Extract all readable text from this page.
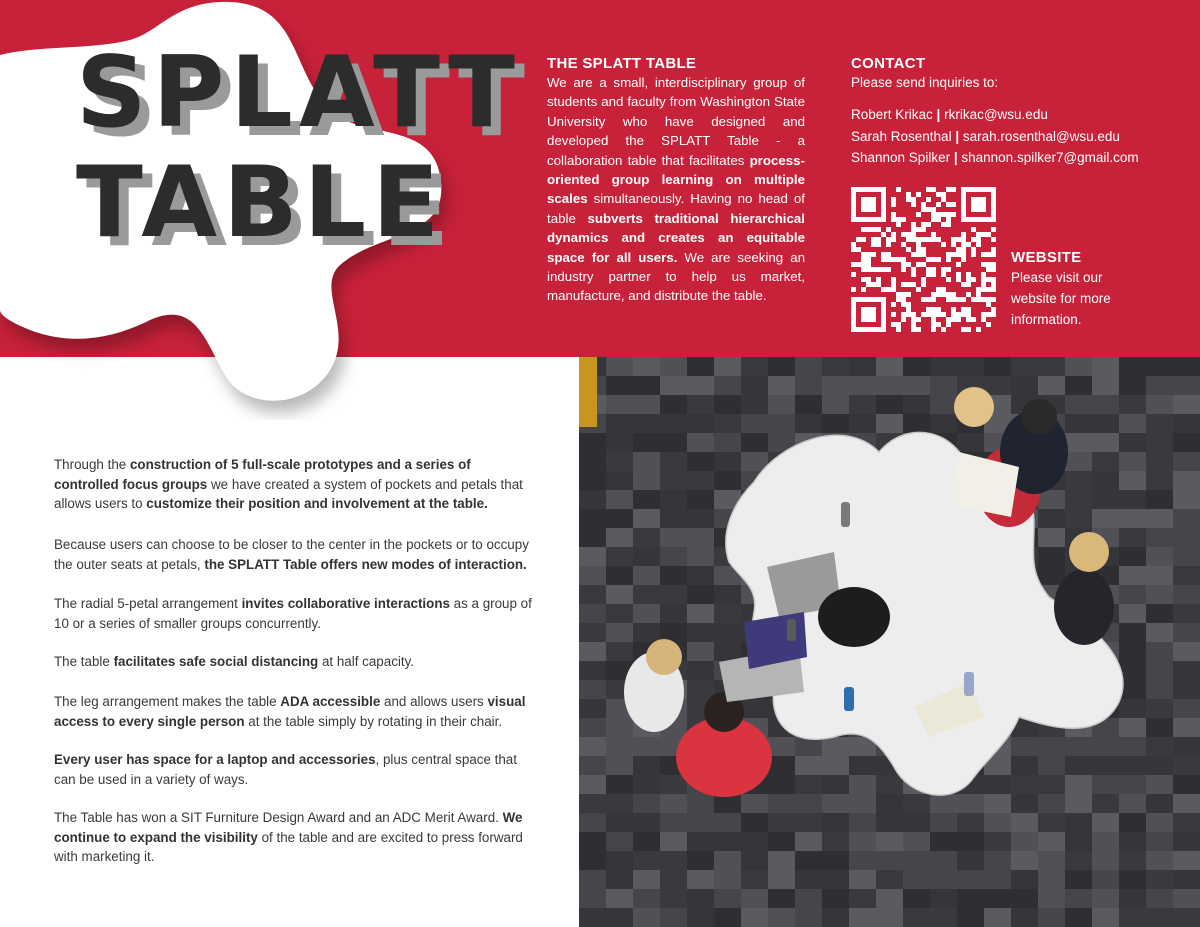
SPLATT
TABLE
THE SPLATT TABLE
We are a small, interdisciplinary group of students and faculty from Washington State University who have designed and developed the SPLATT Table - a collaboration table that facilitates process-oriented group learning on multiple scales simultaneously. Having no head of table subverts traditional hierarchical dynamics and creates an equitable space for all users. We are seeking an industry partner to help us market, manufacture, and distribute the table.
CONTACT
Please send inquiries to:
Robert Krikac | rkrikac@wsu.edu
Sarah Rosenthal | sarah.rosenthal@wsu.edu
Shannon Spilker | shannon.spilker7@gmail.com
WEBSITE
Please visit our
website for more
information.
Through the construction of 5 full-scale prototypes and a series of controlled focus groups we have created a system of pockets and petals that allows users to customize their position and involvement at the table.
Because users can choose to be closer to the center in the pockets or to occupy the outer seats at petals, the SPLATT Table offers new modes of interaction.
The radial 5-petal arrangement invites collaborative interactions as a group of 10 or a series of smaller groups concurrently.
The table facilitates safe social distancing at half capacity.
The leg arrangement makes the table ADA accessible and allows users visual access to every single person at the table simply by rotating in their chair.
Every user has space for a laptop and accessories, plus central space that can be used in a variety of ways.
The Table has won a SIT Furniture Design Award and an ADC Merit Award. We continue to expand the visibility of the table and are excited to press forward with marketing it.
